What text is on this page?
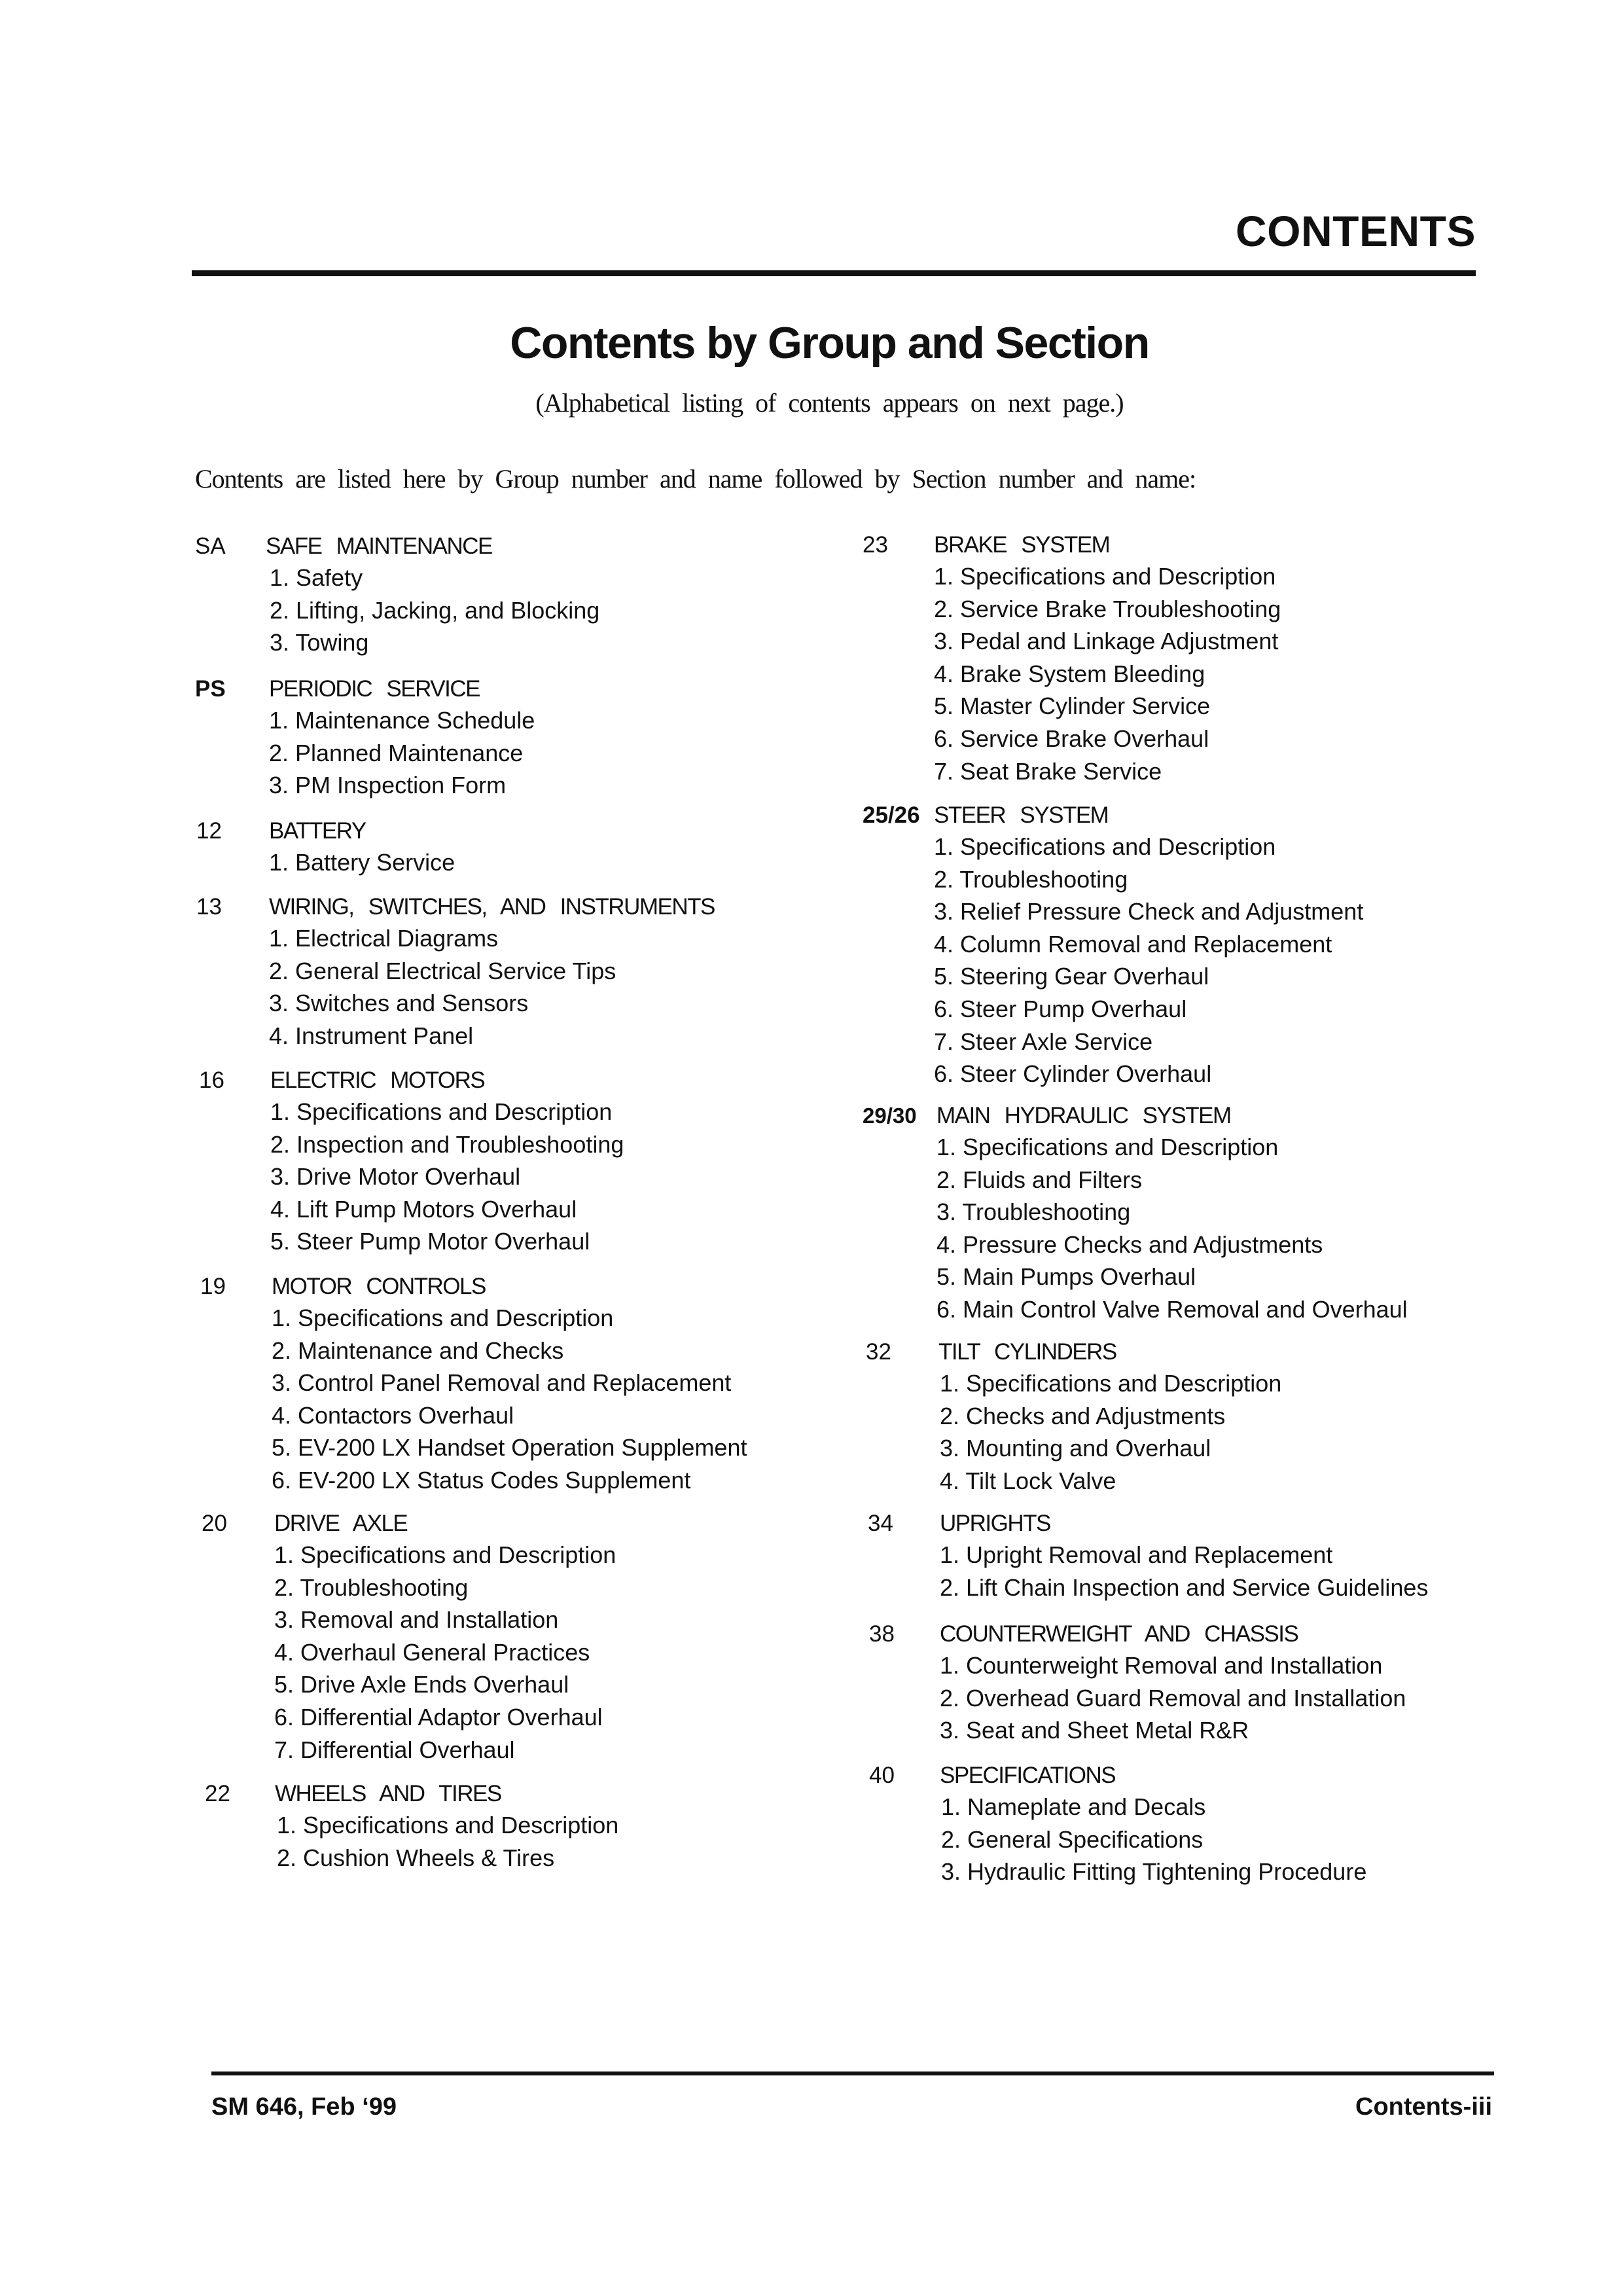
CONTENTS
Contents by Group and Section
(Alphabetical listing of contents appears on next page.)
Contents are listed here by Group number and name followed by Section number and name:
SA SAFE MAINTENANCE
1. Safety
2. Lifting, Jacking, and Blocking
3. Towing
PS PERIODIC SERVICE
1. Maintenance Schedule
2. Planned Maintenance
3. PM Inspection Form
12 BATTERY
1. Battery Service
13 WIRING, SWITCHES, AND INSTRUMENTS
1. Electrical Diagrams
2. General Electrical Service Tips
3. Switches and Sensors
4. Instrument Panel
16 ELECTRIC MOTORS
1. Specifications and Description
2. Inspection and Troubleshooting
3. Drive Motor Overhaul
4. Lift Pump Motors Overhaul
5. Steer Pump Motor Overhaul
19 MOTOR CONTROLS
1. Specifications and Description
2. Maintenance and Checks
3. Control Panel Removal and Replacement
4. Contactors Overhaul
5. EV-200 LX Handset Operation Supplement
6. EV-200 LX Status Codes Supplement
20 DRIVE AXLE
1. Specifications and Description
2. Troubleshooting
3. Removal and Installation
4. Overhaul General Practices
5. Drive Axle Ends Overhaul
6. Differential Adaptor Overhaul
7. Differential Overhaul
22 WHEELS AND TIRES
1. Specifications and Description
2. Cushion Wheels & Tires
23 BRAKE SYSTEM
1. Specifications and Description
2. Service Brake Troubleshooting
3. Pedal and Linkage Adjustment
4. Brake System Bleeding
5. Master Cylinder Service
6. Service Brake Overhaul
7. Seat Brake Service
25/26 STEER SYSTEM
1. Specifications and Description
2. Troubleshooting
3. Relief Pressure Check and Adjustment
4. Column Removal and Replacement
5. Steering Gear Overhaul
6. Steer Pump Overhaul
7. Steer Axle Service
6. Steer Cylinder Overhaul
29/30 MAIN HYDRAULIC SYSTEM
1. Specifications and Description
2. Fluids and Filters
3. Troubleshooting
4. Pressure Checks and Adjustments
5. Main Pumps Overhaul
6. Main Control Valve Removal and Overhaul
32 TILT CYLINDERS
1. Specifications and Description
2. Checks and Adjustments
3. Mounting and Overhaul
4. Tilt Lock Valve
34 UPRIGHTS
1. Upright Removal and Replacement
2. Lift Chain Inspection and Service Guidelines
38 COUNTERWEIGHT AND CHASSIS
1. Counterweight Removal and Installation
2. Overhead Guard Removal and Installation
3. Seat and Sheet Metal R&R
40 SPECIFICATIONS
1. Nameplate and Decals
2. General Specifications
3. Hydraulic Fitting Tightening Procedure
SM 646, Feb ‘99	Contents-iii
